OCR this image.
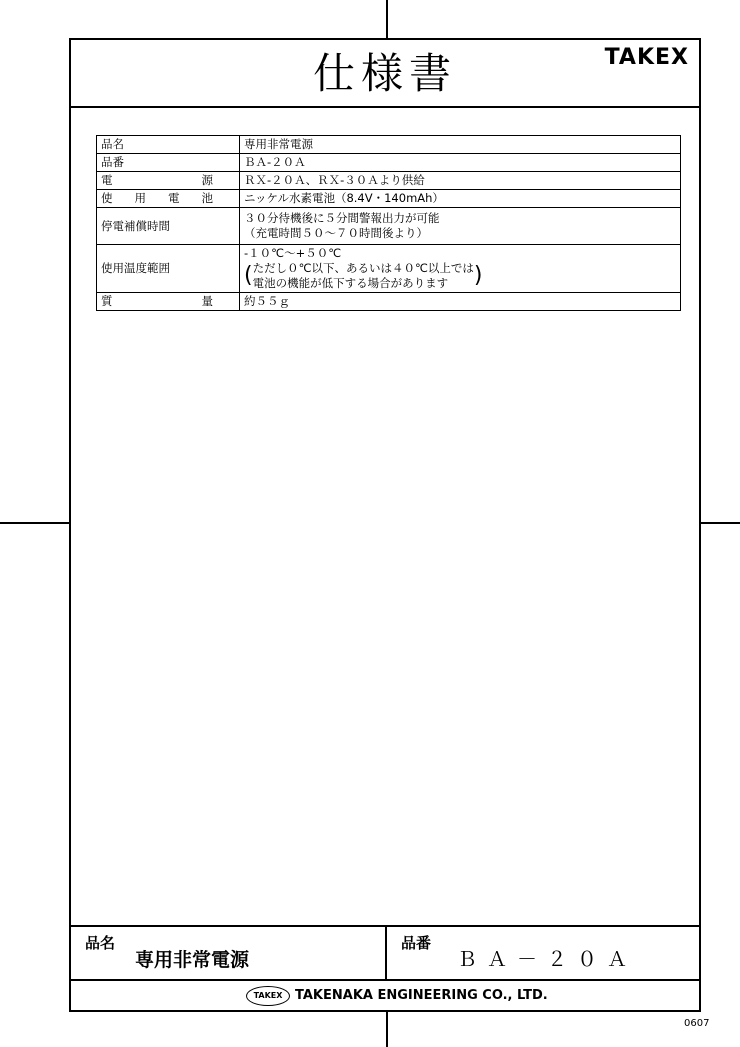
仕様書	TAKEX
品名	専用非常電源
品番	ＢＡ-２０Ａ

電 源	ＲＸ-２０Ａ、ＲＸ-３０Ａより供給

使 用 電 池	ニッケル水素電池（8.4V・140mAh）
停電補償時間	３０分待機後に５分間警報出力が可能
（充電時間５０～７０時間後より）

使用温度範囲	-１０℃～+５０℃
( ただし０℃以下、あるいは４０℃以上では
電池の機能が低下する場合があります )

質 量	約５５ｇ
品名
専用非常電源
品番
ＢＡ－２０Ａ
TAKEX TAKENAKA ENGINEERING CO., LTD.
0607
